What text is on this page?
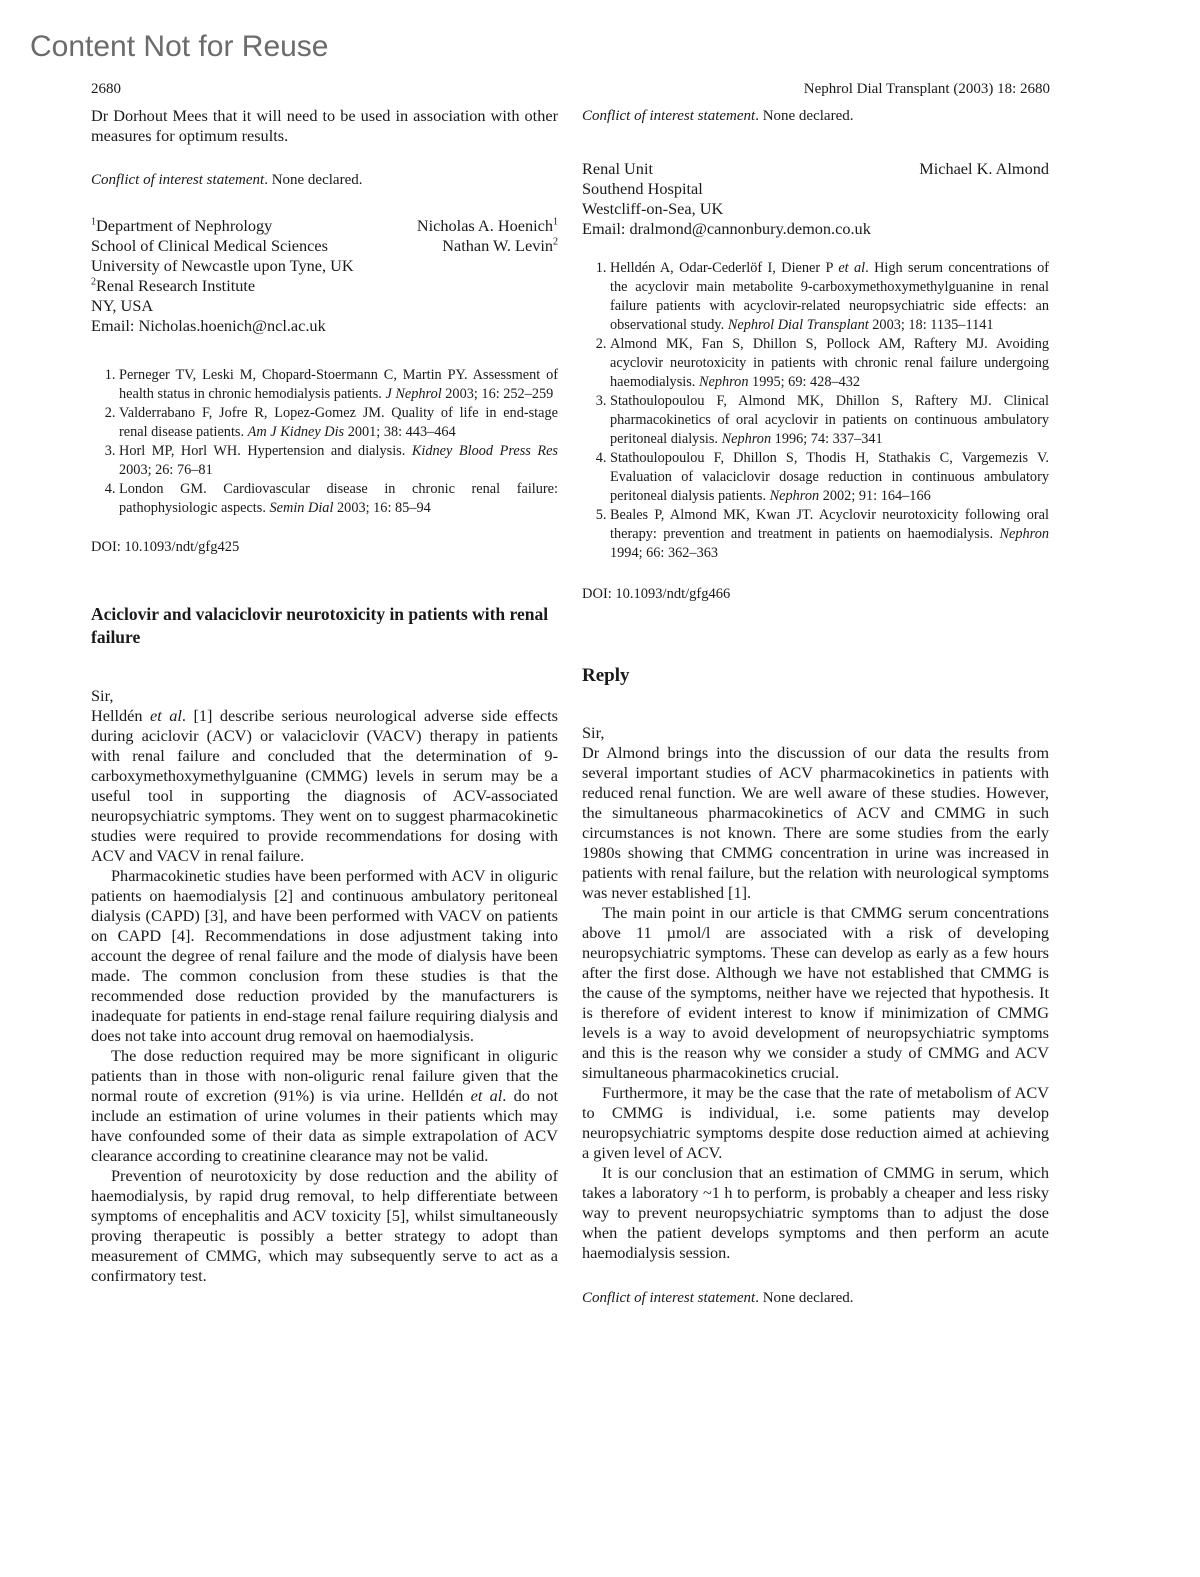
Content Not for Reuse
2680	Nephrol Dial Transplant (2003) 18: 2680

Dr Dorhout Mees that it will need to be used in association with other measures for optimum results.

Conflict of interest statement. None declared.

$^1$Department of Nephrology	Nicholas A. Hoenich$^1$
School of Clinical Medical Sciences	Nathan W. Levin$^2$
University of Newcastle upon Tyne, UK
$^2$Renal Research Institute
NY, USA
Email: Nicholas.hoenich@ncl.ac.uk
1. Perneger TV, Leski M, Chopard-Stoermann C, Martin PY. Assessment of health status in chronic hemodialysis patients. J Nephrol 2003; 16: 252–259
2. Valderrabano F, Jofre R, Lopez-Gomez JM. Quality of life in end-stage renal disease patients. Am J Kidney Dis 2001; 38: 443–464
3. Horl MP, Horl WH. Hypertension and dialysis. Kidney Blood Press Res 2003; 26: 76–81
4. London GM. Cardiovascular disease in chronic renal failure: pathophysiologic aspects. Semin Dial 2003; 16: 85–94

DOI: 10.1093/ndt/gfg425

Aciclovir and valaciclovir neurotoxicity in patients with renal failure

Sir,

Helldén et al. [1] describe serious neurological adverse side effects during aciclovir (ACV) or valaciclovir (VACV) therapy in patients with renal failure and concluded that the determination of 9-carboxymethoxymethylguanine (CMMG) levels in serum may be a useful tool in supporting the diagnosis of ACV-associated neuropsychiatric symptoms. They went on to suggest pharmacokinetic studies were required to provide recommendations for dosing with ACV and VACV in renal failure.

Pharmacokinetic studies have been performed with ACV in oliguric patients on haemodialysis [2] and continuous ambulatory peritoneal dialysis (CAPD) [3], and have been performed with VACV on patients on CAPD [4]. Recommendations in dose adjustment taking into account the degree of renal failure and the mode of dialysis have been made. The common conclusion from these studies is that the recommended dose reduction provided by the manufacturers is inadequate for patients in end-stage renal failure requiring dialysis and does not take into account drug removal on haemodialysis.

The dose reduction required may be more significant in oliguric patients than in those with non-oliguric renal failure given that the normal route of excretion (91%) is via urine. Helldén et al. do not include an estimation of urine volumes in their patients which may have confounded some of their data as simple extrapolation of ACV clearance according to creatinine clearance may not be valid.

Prevention of neurotoxicity by dose reduction and the ability of haemodialysis, by rapid drug removal, to help differentiate between symptoms of encephalitis and ACV toxicity [5], whilst simultaneously proving therapeutic is possibly a better strategy to adopt than measurement of CMMG, which may subsequently serve to act as a confirmatory test.

Conflict of interest statement. None declared.

Renal Unit	Michael K. Almond
Southend Hospital
Westcliff-on-Sea, UK
Email: dralmond@cannonbury.demon.co.uk
1. Helldén A, Odar-Cederlöf I, Diener P et al. High serum concentrations of the acyclovir main metabolite 9-carboxymethoxymethylguanine in renal failure patients with acyclovir-related neuropsychiatric side effects: an observational study. Nephrol Dial Transplant 2003; 18: 1135–1141
2. Almond MK, Fan S, Dhillon S, Pollock AM, Raftery MJ. Avoiding acyclovir neurotoxicity in patients with chronic renal failure undergoing haemodialysis. Nephron 1995; 69: 428–432
3. Stathoulopoulou F, Almond MK, Dhillon S, Raftery MJ. Clinical pharmacokinetics of oral acyclovir in patients on continuous ambulatory peritoneal dialysis. Nephron 1996; 74: 337–341
4. Stathoulopoulou F, Dhillon S, Thodis H, Stathakis C, Vargemezis V. Evaluation of valaciclovir dosage reduction in continuous ambulatory peritoneal dialysis patients. Nephron 2002; 91: 164–166
5. Beales P, Almond MK, Kwan JT. Acyclovir neurotoxicity following oral therapy: prevention and treatment in patients on haemodialysis. Nephron 1994; 66: 362–363

DOI: 10.1093/ndt/gfg466

Reply

Sir,

Dr Almond brings into the discussion of our data the results from several important studies of ACV pharmacokinetics in patients with reduced renal function. We are well aware of these studies. However, the simultaneous pharmacokinetics of ACV and CMMG in such circumstances is not known. There are some studies from the early 1980s showing that CMMG concentration in urine was increased in patients with renal failure, but the relation with neurological symptoms was never established [1].

The main point in our article is that CMMG serum concentrations above 11 µmol/l are associated with a risk of developing neuropsychiatric symptoms. These can develop as early as a few hours after the first dose. Although we have not established that CMMG is the cause of the symptoms, neither have we rejected that hypothesis. It is therefore of evident interest to know if minimization of CMMG levels is a way to avoid development of neuropsychiatric symptoms and this is the reason why we consider a study of CMMG and ACV simultaneous pharmacokinetics crucial.

Furthermore, it may be the case that the rate of metabolism of ACV to CMMG is individual, i.e. some patients may develop neuropsychiatric symptoms despite dose reduction aimed at achieving a given level of ACV.

It is our conclusion that an estimation of CMMG in serum, which takes a laboratory ~1 h to perform, is probably a cheaper and less risky way to prevent neuropsychiatric symptoms than to adjust the dose when the patient develops symptoms and then perform an acute haemodialysis session.

Conflict of interest statement. None declared.
